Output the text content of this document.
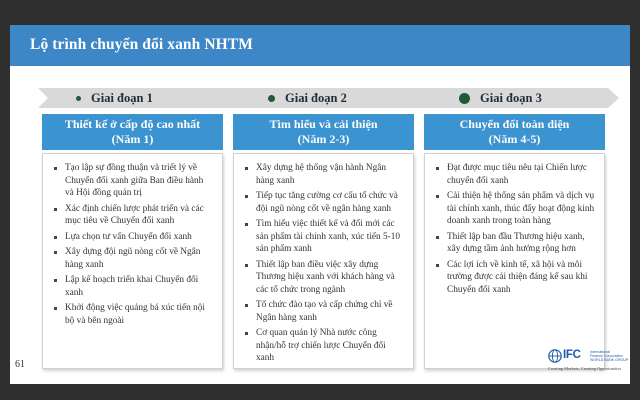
Lộ trình chuyển đổi xanh NHTM
Giai đoạn 1	Giai đoạn 2	Giai đoạn 3
Thiết kế ở cấp độ cao nhất
(Năm 1)
Tìm hiểu và cải thiện
(Năm 2-3)
Chuyển đổi toàn diện
(Năm 4-5)
Tạo lập sự đồng thuận và triết lý về Chuyển đổi xanh giữa Ban điều hành và Hội đồng quản trị
Xác định chiến lược phát triển và các mục tiêu về Chuyển đổi xanh
Lựa chọn tư vấn Chuyển đổi xanh
Xây dựng đội ngũ nòng cốt về Ngân hàng xanh
Lập kế hoạch triển khai Chuyển đổi xanh
Khởi động việc quảng bá xúc tiến nội bộ và bên ngoài
Xây dựng hệ thống vận hành Ngân hàng xanh
Tiếp tục tăng cường cơ cấu tổ chức và đội ngũ nòng cốt về ngân hàng xanh
Tìm hiểu việc thiết kế và đổi mới các sản phẩm tài chính xanh, xúc tiến 5-10 sản phẩm xanh
Thiết lập ban điều việc xây dựng Thương hiệu xanh với khách hàng và các tổ chức trong ngành
Tổ chức đào tạo và cấp chứng chỉ về Ngân hàng xanh
Cơ quan quản lý Nhà nước công nhận/hỗ trợ chiến lược Chuyển đổi xanh
Đạt được mục tiêu nêu tại Chiến lược chuyển đổi xanh
Cải thiện hệ thống sản phẩm và dịch vụ tài chính xanh, thúc đẩy hoạt động kinh doanh xanh trong toàn hàng
Thiết lập ban đầu Thương hiệu xanh, xây dựng tầm ảnh hưởng rộng hơn
Các lợi ích về kinh tế, xã hội và môi trường được cải thiện đáng kể sau khi Chuyển đổi xanh
61
IFC	International
Finance Corporation
WORLD BANK GROUP
Creating Markets, Creating Opportunities
